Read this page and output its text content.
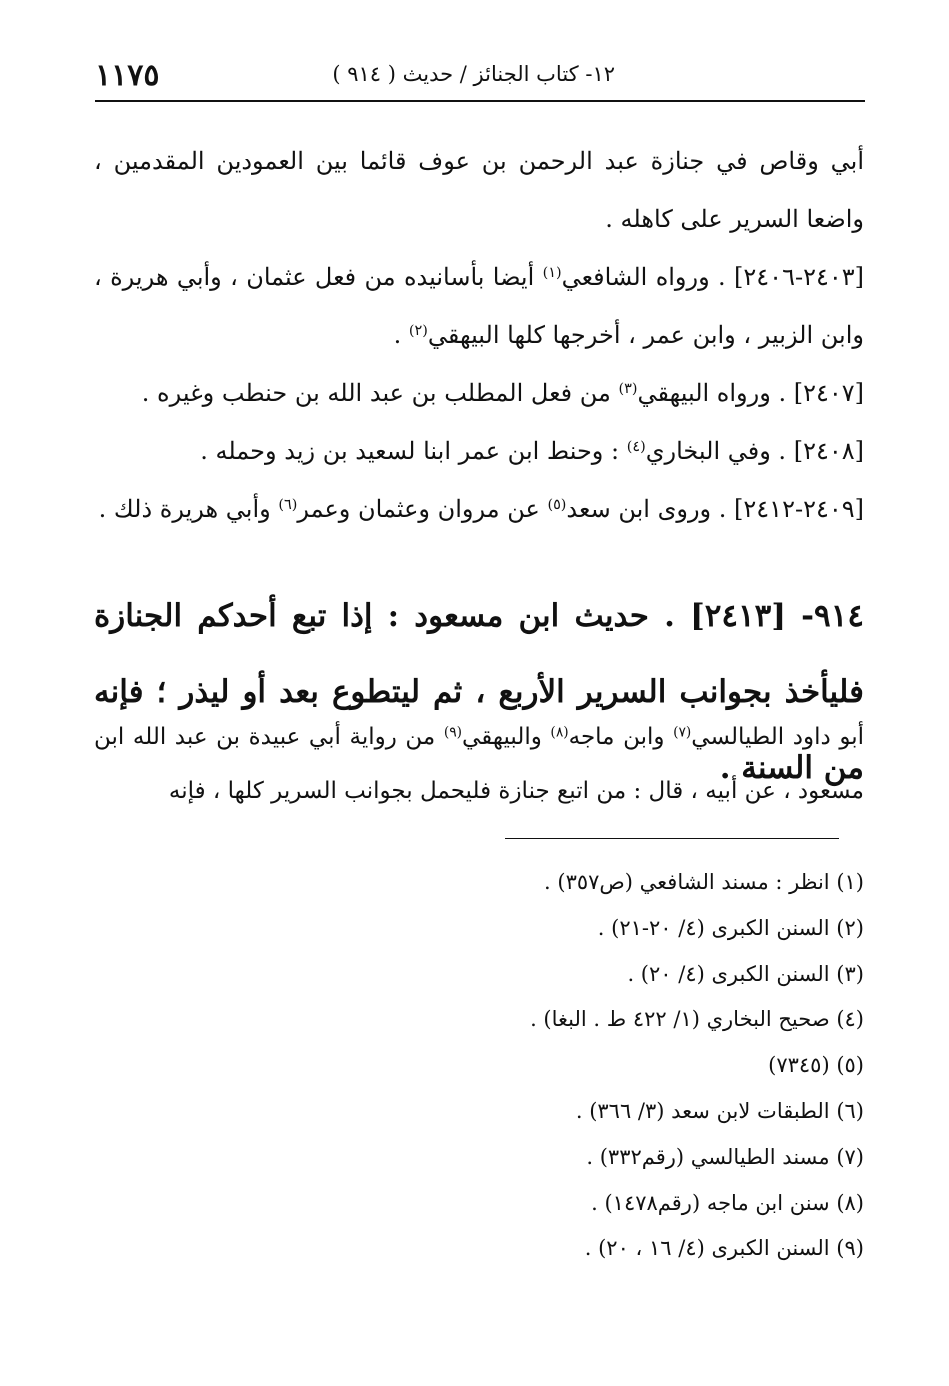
١١٧٥	١٢- كتاب الجنائز / حديث ( ٩١٤ )

أبي وقاص في جنازة عبد الرحمن بن عوف قائما بين العمودين المقدمين ، واضعا السرير على كاهله .

[٢٤٠٣-٢٤٠٦] . ورواه الشافعي$^{(١)}$ أيضا بأسانيده من فعل عثمان ، وأبي هريرة ، وابن الزبير ، وابن عمر ، أخرجها كلها البيهقي$^{(٢)}$ .

[٢٤٠٧] . ورواه البيهقي$^{(٣)}$ من فعل المطلب بن عبد الله بن حنطب وغيره .

[٢٤٠٨] . وفي البخاري$^{(٤)}$ : وحنط ابن عمر ابنا لسعيد بن زيد وحمله .

[٢٤٠٩-٢٤١٢] . وروى ابن سعد$^{(٥)}$ عن مروان وعثمان وعمر$^{(٦)}$ وأبي هريرة ذلك .

٩١٤- [٢٤١٣] . حديث ابن مسعود : إذا تبع أحدكم الجنازة فليأخذ بجوانب السرير الأربع ، ثم ليتطوع بعد أو ليذر ؛ فإنه من السنة .
أبو داود الطيالسي$^{(٧)}$ وابن ماجه$^{(٨)}$ والبيهقي$^{(٩)}$ من رواية أبي عبيدة بن عبد الله ابن مسعود ، عن أبيه ، قال : من اتبع جنازة فليحمل بجوانب السرير كلها ، فإنه
(١) انظر : مسند الشافعي (ص٣٥٧) .
(٢) السنن الكبرى (٤/ ٢٠-٢١) .
(٣) السنن الكبرى (٤/ ٢٠) .
(٤) صحيح البخاري (١/ ٤٢٢ ط . البغا) .
(٥) (٧٣٤٥)
(٦) الطبقات لابن سعد (٣/ ٣٦٦) .
(٧) مسند الطيالسي (رقم٣٣٢) .
(٨) سنن ابن ماجه (رقم١٤٧٨) .
(٩) السنن الكبرى (٤/ ١٦ ، ٢٠) .
